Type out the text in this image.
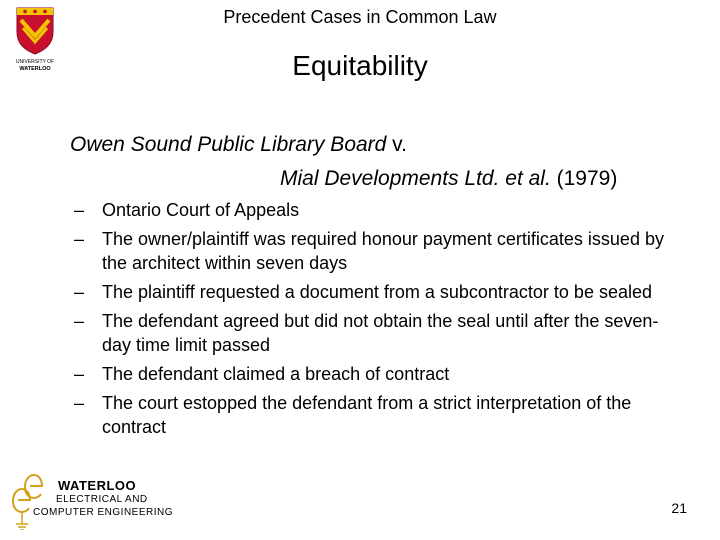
UNIVERSITY OF
WATERLOO
Precedent Cases in Common Law
Equitability
Owen Sound Public Library Board v.
Mial Developments Ltd. et al. (1979)
– Ontario Court of Appeals
– The owner/plaintiff was required honour payment certificates issued by the architect within seven days
– The plaintiff requested a document from a subcontractor to be sealed
– The defendant agreed but did not obtain the seal until after the seven-day time limit passed
– The defendant claimed a breach of contract
– The court estopped the defendant from a strict interpretation of the contract
WATERLOO
ELECTRICAL AND
COMPUTER ENGINEERING	21
